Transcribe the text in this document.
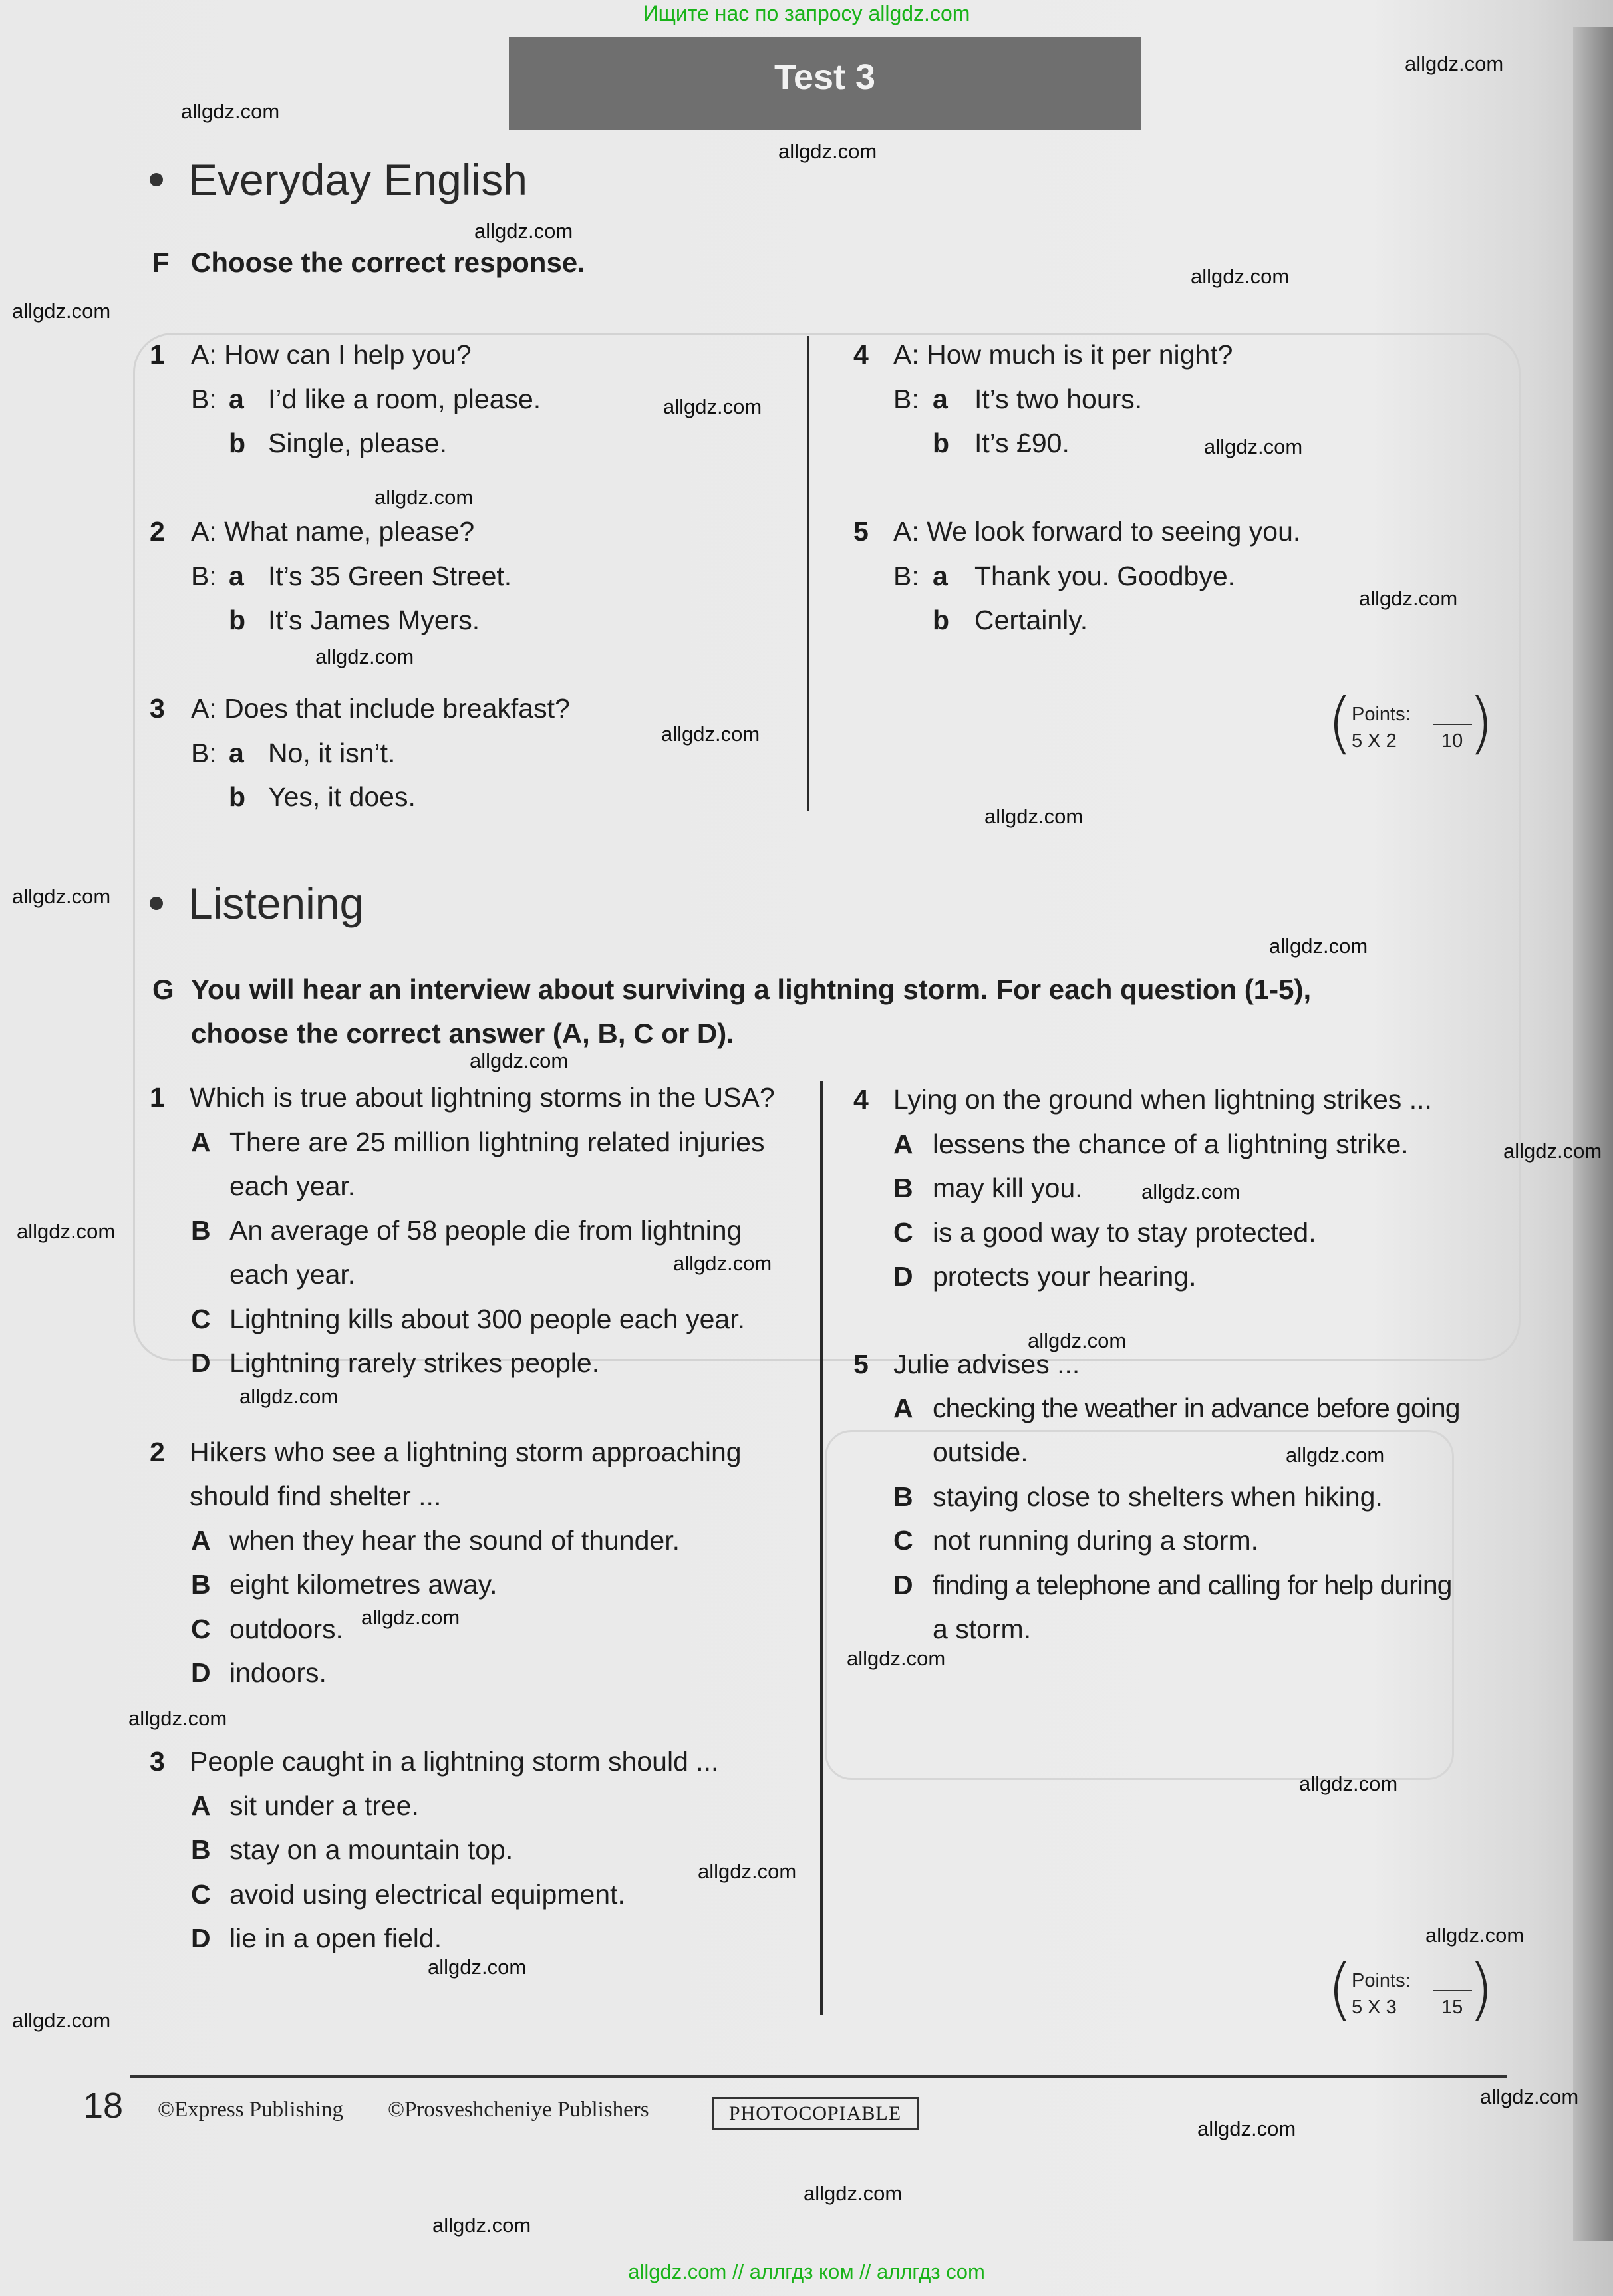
Ищите нас по запросу allgdz.com
Test 3	allgdz.com
allgdz.com
allgdz.com
allgdz.com
allgdz.com
allgdz.com
allgdz.com
allgdz.com
allgdz.com
allgdz.com
allgdz.com
allgdz.com
allgdz.com
allgdz.com
allgdz.com
allgdz.com
allgdz.com
allgdz.com
allgdz.com
allgdz.com
allgdz.com
allgdz.com
allgdz.com
allgdz.com
allgdz.com
allgdz.com
allgdz.com
allgdz.com
allgdz.com
allgdz.com
allgdz.com
allgdz.com
allgdz.com
allgdz.com
allgdz.com
Everyday English
F Choose the correct response.
1 A: How can I help you?
B: a I’d like a room, please.
b Single, please.
2 A: What name, please?
B: a It’s 35 Green Street.
b It’s James Myers.
3 A: Does that include breakfast?
B: a No, it isn’t.
b Yes, it does.
4 A: How much is it per night?
B: a It’s two hours.
b It’s £90.
5 A: We look forward to seeing you.
B: a Thank you. Goodbye.
b Certainly.
(
Points:
5 X 2 10 )
Listening
G You will hear an interview about surviving a lightning storm. For each question (1-5),
choose the correct answer (A, B, C or D).
1 Which is true about lightning storms in the USA?
A There are 25 million lightning related injuries
each year.
B An average of 58 people die from lightning
each year.
C Lightning kills about 300 people each year.
D Lightning rarely strikes people.
2 Hikers who see a lightning storm approaching
should find shelter ...
A when they hear the sound of thunder.
B eight kilometres away.
C outdoors.
D indoors.
3 People caught in a lightning storm should ...
A sit under a tree.
B stay on a mountain top.
C avoid using electrical equipment.
D lie in a open field.
4 Lying on the ground when lightning strikes ...
A lessens the chance of a lightning strike.
B may kill you.
C is a good way to stay protected.
D protects your hearing.
5 Julie advises ...
A checking the weather in advance before going
outside.
B staying close to shelters when hiking.
C not running during a storm.
D finding a telephone and calling for help during
a storm.
(
Points:
5 X 3 15 )
18 ©Express Publishing ©Prosveshcheniye Publishers	PHOTOCOPIABLE
allgdz.com // аллгдз ком // аллгдз com
